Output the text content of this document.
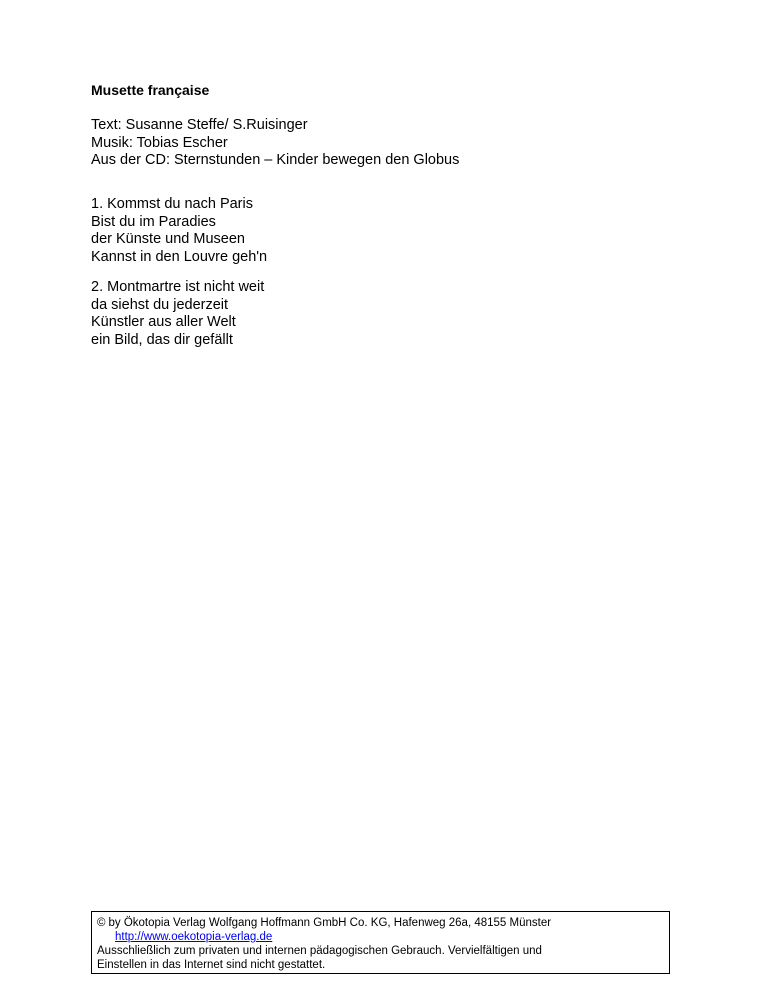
Musette française
Text: Susanne Steffe/ S.Ruisinger
Musik: Tobias Escher
Aus der CD: Sternstunden – Kinder bewegen den Globus
1. Kommst du nach Paris
Bist du im Paradies
der Künste und Museen
Kannst in den Louvre geh'n
2. Montmartre ist nicht weit
da siehst du jederzeit
Künstler aus aller Welt
ein Bild, das dir gefällt
© by Ökotopia Verlag Wolfgang Hoffmann GmbH Co. KG, Hafenweg 26a, 48155 Münster
http://www.oekotopia-verlag.de
Ausschließlich zum privaten und internen pädagogischen Gebrauch. Vervielfältigen und
Einstellen in das Internet sind nicht gestattet.
